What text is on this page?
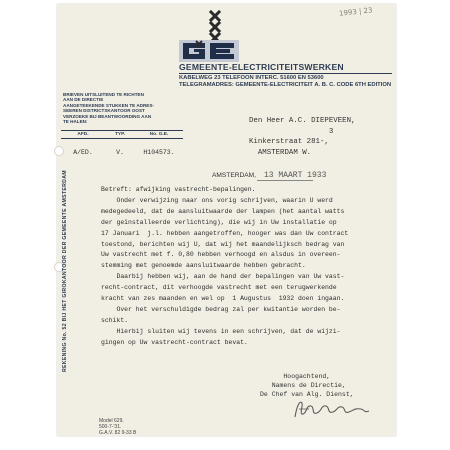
1993 | 23
GEMEENTE-ELECTRICITEITSWERKEN
KABELWEG 23 TELEFOON INTERC. 51600 EN 53600
TELEGRAMADRES: GEMEENTE-ELECTRICITEIT A. B. C. CODE 6TH EDITION
BRIEVEN UITSLUITEND TE RICHTEN
AAN DE DIRECTIE
AANGETEEKENDE STUKKEN TE ADRES-
SEEREN DISTRICTSKANTOOR OOST
VERZOEKE BIJ BEANTWOORDING AAN
TE HALEN:
AFD.	TYP.	No. G.E.
A/ED.	V.	H104573.
Den Heer A.C. DIEPEVEEN,
3
Kinkerstraat 281-,
AMSTERDAM W.
REKENING No. 52 BIJ HET GIROKANTOOR DER GEMEENTE AMSTERDAM	AMSTERDAM, 13 MAART 1933
Betreft: afwijking vastrecht-bepalingen.
Onder verwijzing naar ons vorig schrijven, waarin U werd
medegedeeld, dat de aansluitwaarde der lampen (het aantal watts
der geïnstalleerde verlichting), die wij in Uw installatie op
17 Januari  j.l. hebben aangetroffen, hooger was dan Uw contract
toestond, berichten wij U, dat wij het maandelijksch bedrag van
Uw vastrecht met f. 0,80 hebben verhoogd en alsdus in overeen-
stemming met genoemde aansluitwaarde hebben gebracht.
Daarbij hebben wij, aan de hand der bepalingen van Uw vast-
recht-contract, dit verhoogde vastrecht met een terugwerkende
kracht van zes maanden en wel op  1 Augustus  1932 doen ingaan.
Over het verschuldigde bedrag zal per kwitantie worden be-
schikt.
Hierbij sluiten wij tevens in een schrijven, dat de wijzi-
gingen op Uw vastrecht-contract bevat.
Hoogachtend,
Namens de Directie,
De Chef van Alg. Dienst,
Model 629.
500-7-'31.
G.A.V. 82 9-33 B
